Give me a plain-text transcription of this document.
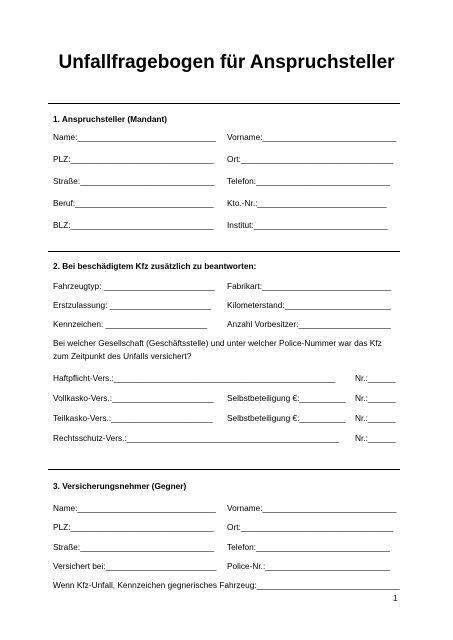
Unfallfragebogen für Anspruchsteller
1. Anspruchsteller (Mandant)
Name:______________________________ Vorname:_____________________________
PLZ:_______________________________ Ort:_________________________________
Straße:_____________________________ Telefon:_____________________________
Beruf:______________________________ Kto.-Nr.:____________________________
BLZ:_______________________________ Institut:_____________________________
2. Bei beschädigtem Kfz zusätzlich zu beantworten:
Fahrzeugtyp: ________________________ Fabrikart:____________________________
Erstzulassung: ______________________ Kilometerstand:_______________________
Kennzeichen: ______________________ Anzahl Vorbesitzer:____________________
Bei welcher Gesellschaft (Geschäftsstelle) und unter welcher Police-Nummer war das Kfz
zum Zeitpunkt des Unfalls versichert?
Haftpflicht-Vers.:________________________________________________ Nr.:______
Vollkasko-Vers.:______________________ Selbstbeteiligung €:__________ Nr.:______
Teilkasko-Vers.:______________________ Selbstbeteiligung €:__________ Nr.:______
Rechtsschutz-Vers.:______________________________________________ Nr.:______
3. Versicherungsnehmer (Gegner)
Name:______________________________ Vorname:_____________________________
PLZ:_______________________________ Ort:_________________________________
Straße:_____________________________ Telefon:_____________________________
Versichert bei:________________________ Police-Nr.:___________________________
Wenn Kfz-Unfall, Kennzeichen gegnerisches Fahrzeug:_______________________________
1
